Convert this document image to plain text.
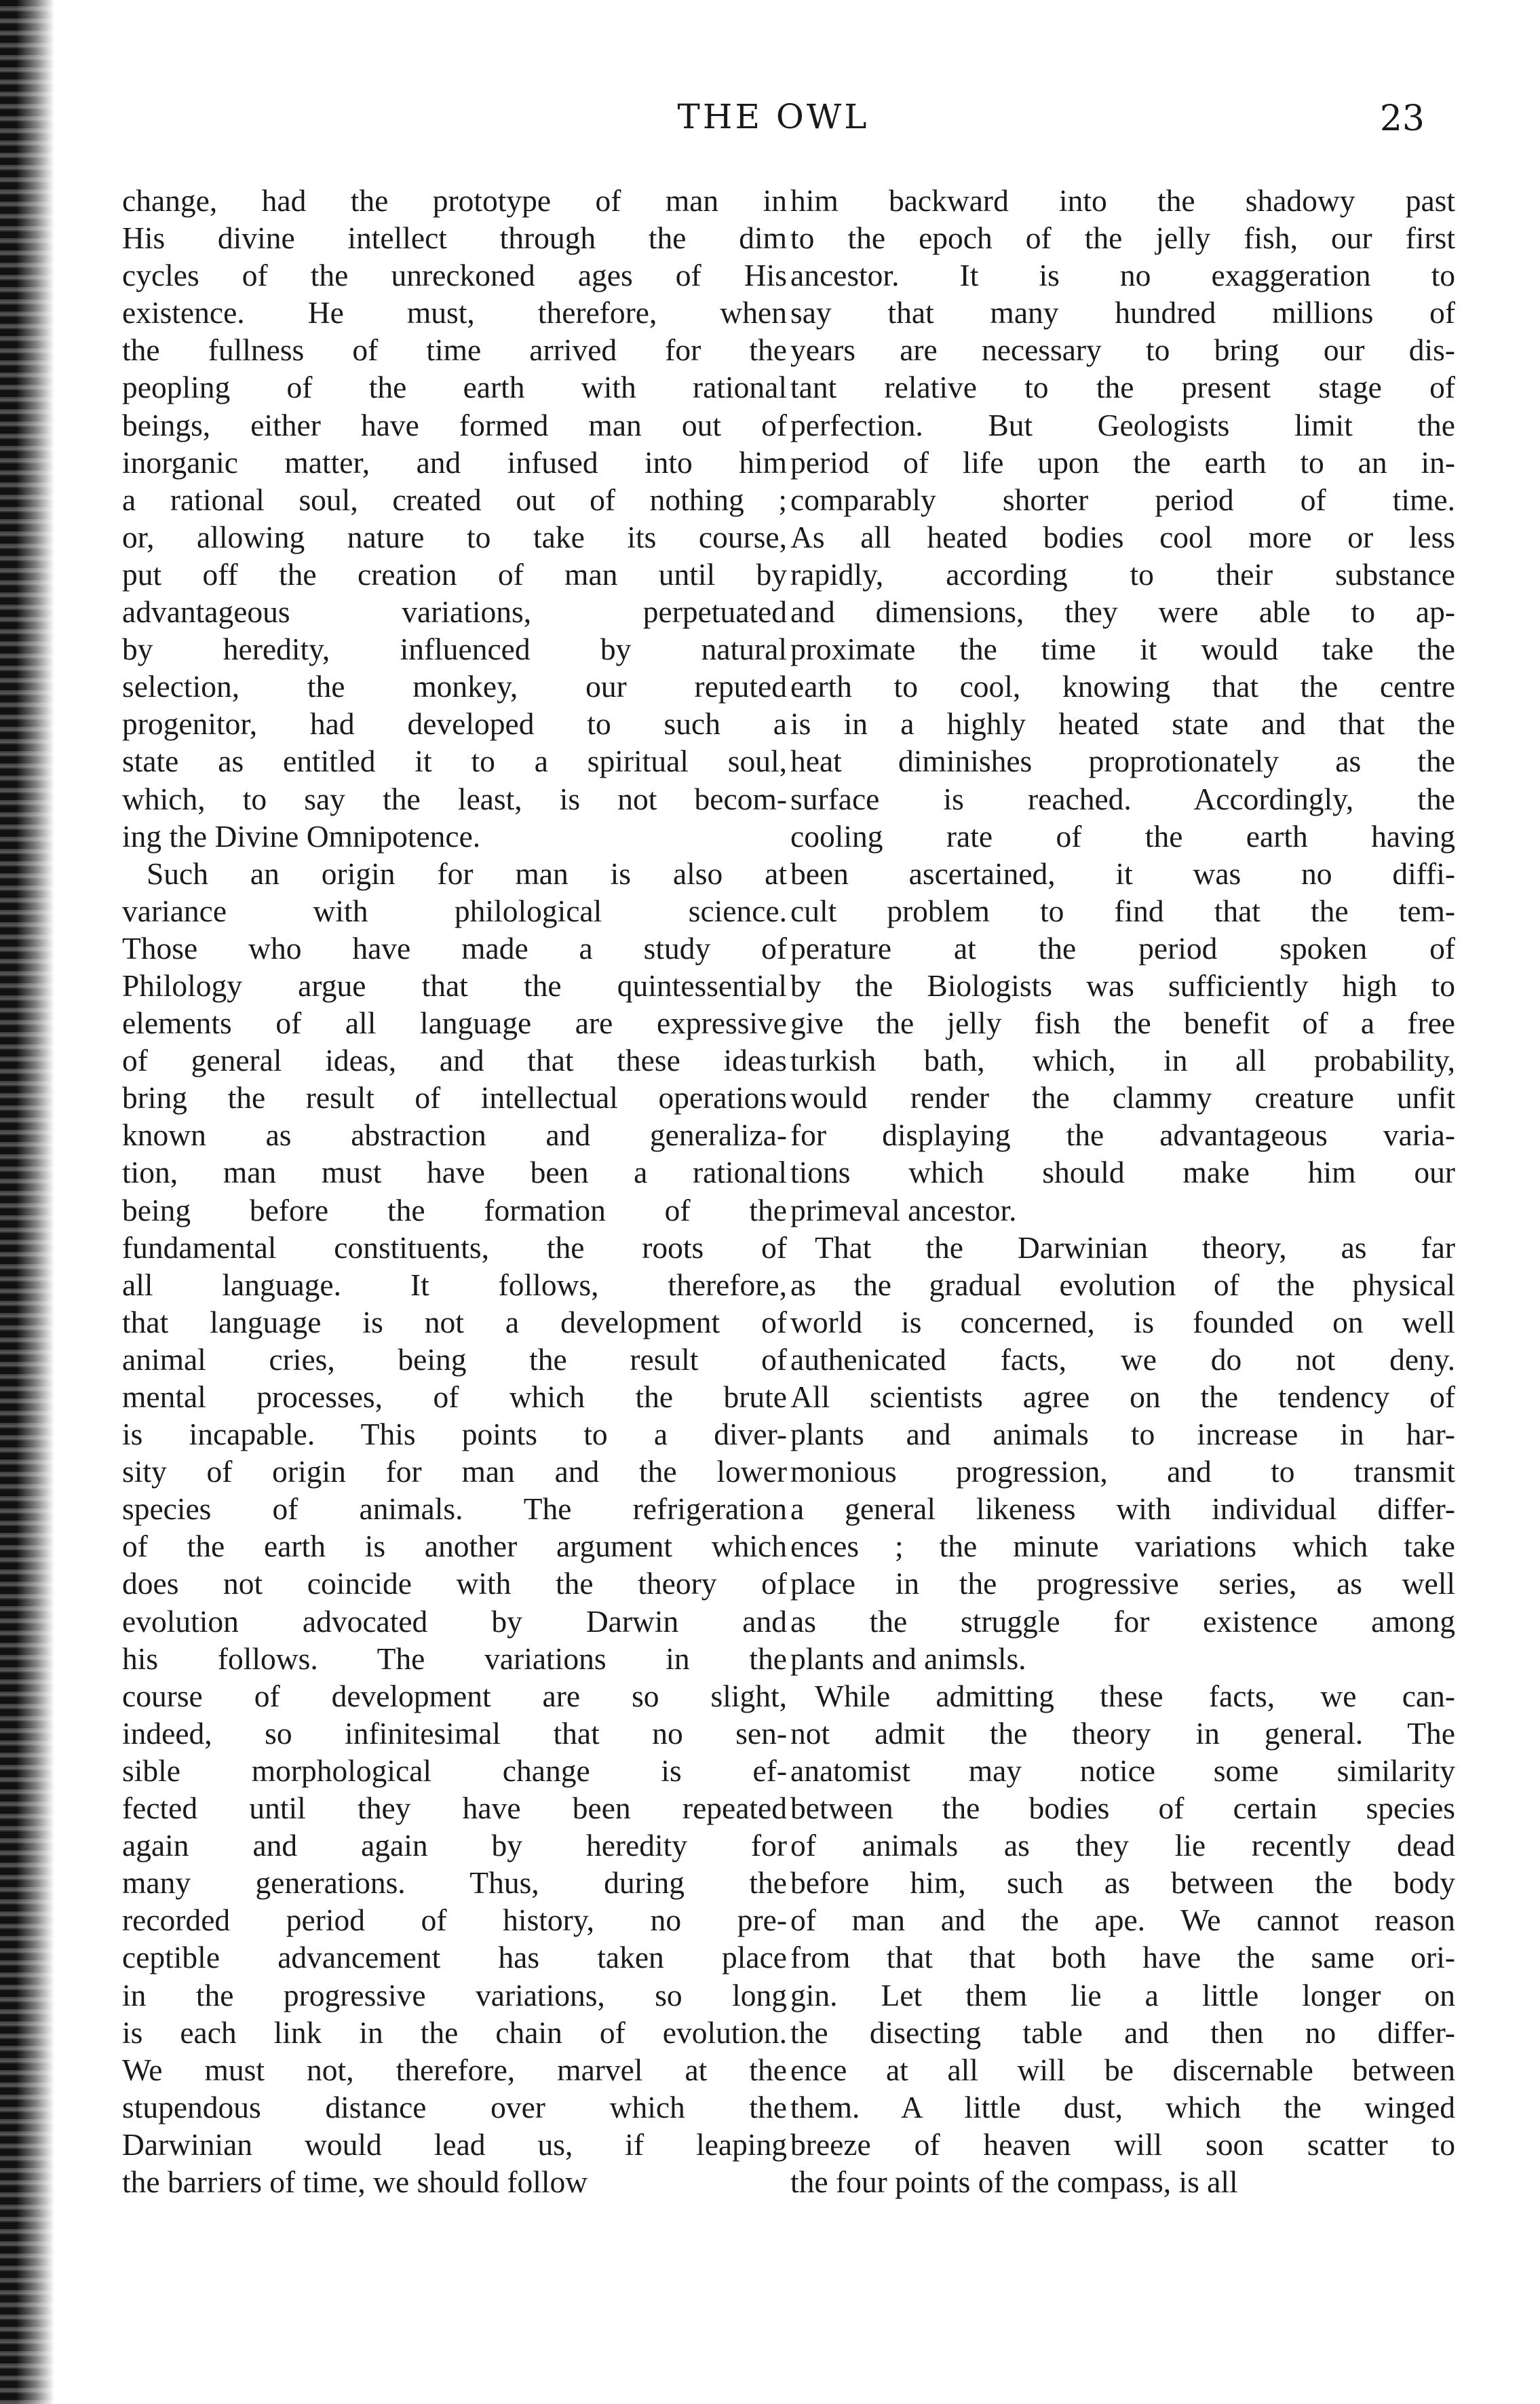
THE OWL	23

change, had the prototype of man in
His divine intellect through the dim
cycles of the unreckoned ages of His
existence. He must, therefore, when
the fullness of time arrived for the
peopling of the earth with rational
beings, either have formed man out of
inorganic matter, and infused into him
a rational soul, created out of nothing ;
or, allowing nature to take its course,
put off the creation of man until by
advantageous variations, perpetuated
by heredity, influenced by natural
selection, the monkey, our reputed
progenitor, had developed to such a
state as entitled it to a spiritual soul,
which, to say the least, is not becom-
ing the Divine Omnipotence.

Such an origin for man is also at
variance with philological science.
Those who have made a study of
Philology argue that the quintessential
elements of all language are expressive
of general ideas, and that these ideas
bring the result of intellectual operations
known as abstraction and generaliza-
tion, man must have been a rational
being before the formation of the
fundamental constituents, the roots of
all language. It follows, therefore,
that language is not a development of
animal cries, being the result of
mental processes, of which the brute
is incapable. This points to a diver-
sity of origin for man and the lower
species of animals. The refrigeration
of the earth is another argument which
does not coincide with the theory of
evolution advocated by Darwin and
his follows. The variations in the
course of development are so slight,
indeed, so infinitesimal that no sen-
sible morphological change is ef-
fected until they have been repeated
again and again by heredity for
many generations. Thus, during the
recorded period of history, no pre-
ceptible advancement has taken place
in the progressive variations, so long
is each link in the chain of evolution.
We must not, therefore, marvel at the
stupendous distance over which the
Darwinian would lead us, if leaping
the barriers of time, we should follow

him backward into the shadowy past
to the epoch of the jelly fish, our first
ancestor. It is no exaggeration to
say that many hundred millions of
years are necessary to bring our dis-
tant relative to the present stage of
perfection. But Geologists limit the
period of life upon the earth to an in-
comparably shorter period of time.
As all heated bodies cool more or less
rapidly, according to their substance
and dimensions, they were able to ap-
proximate the time it would take the
earth to cool, knowing that the centre
is in a highly heated state and that the
heat diminishes proprotionately as the
surface is reached. Accordingly, the
cooling rate of the earth having
been ascertained, it was no diffi-
cult problem to find that the tem-
perature at the period spoken of
by the Biologists was sufficiently high to
give the jelly fish the benefit of a free
turkish bath, which, in all probability,
would render the clammy creature unfit
for displaying the advantageous varia-
tions which should make him our
primeval ancestor.

That the Darwinian theory, as far
as the gradual evolution of the physical
world is concerned, is founded on well
authenicated facts, we do not deny.
All scientists agree on the tendency of
plants and animals to increase in har-
monious progression, and to transmit
a general likeness with individual differ-
ences ; the minute variations which take
place in the progressive series, as well
as the struggle for existence among
plants and animsls.

While admitting these facts, we can-
not admit the theory in general. The
anatomist may notice some similarity
between the bodies of certain species
of animals as they lie recently dead
before him, such as between the body
of man and the ape. We cannot reason
from that that both have the same ori-
gin. Let them lie a little longer on
the disecting table and then no differ-
ence at all will be discernable between
them. A little dust, which the winged
breeze of heaven will soon scatter to
the four points of the compass, is all
